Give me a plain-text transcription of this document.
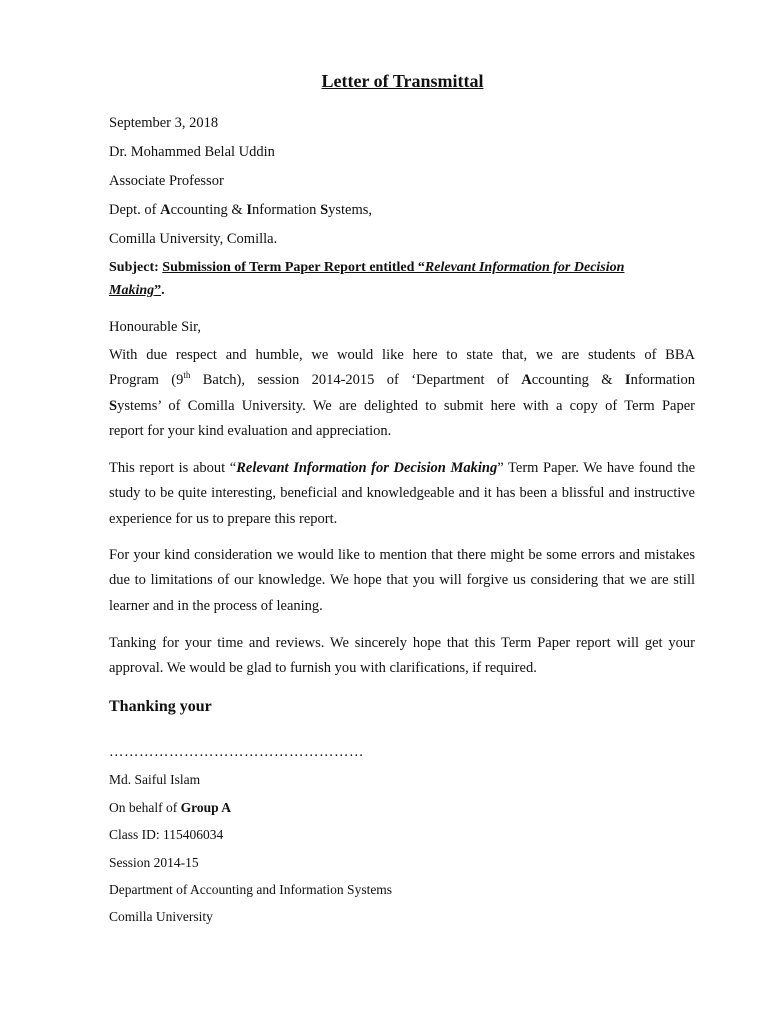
Letter of Transmittal
September 3, 2018
Dr. Mohammed Belal Uddin
Associate Professor
Dept. of Accounting & Information Systems,
Comilla University, Comilla.
Subject: Submission of Term Paper Report entitled “Relevant Information for Decision
Making”.
Honourable Sir,
With due respect and humble, we would like here to state that, we are students of BBA
Program (9th Batch), session 2014-2015 of ‘Department of Accounting & Information
Systems’ of Comilla University. We are delighted to submit here with a copy of Term Paper
report for your kind evaluation and appreciation.
This report is about “Relevant Information for Decision Making” Term Paper. We have found the study to be quite interesting, beneficial and knowledgeable and it has been a blissful and instructive experience for us to prepare this report.
For your kind consideration we would like to mention that there might be some errors and mistakes due to limitations of our knowledge. We hope that you will forgive us considering that we are still learner and in the process of leaning.
Tanking for your time and reviews. We sincerely hope that this Term Paper report will get your approval. We would be glad to furnish you with clarifications, if required.
Thanking your
……………………………………………
Md. Saiful Islam
On behalf of Group A
Class ID: 115406034
Session 2014-15
Department of Accounting and Information Systems
Comilla University
